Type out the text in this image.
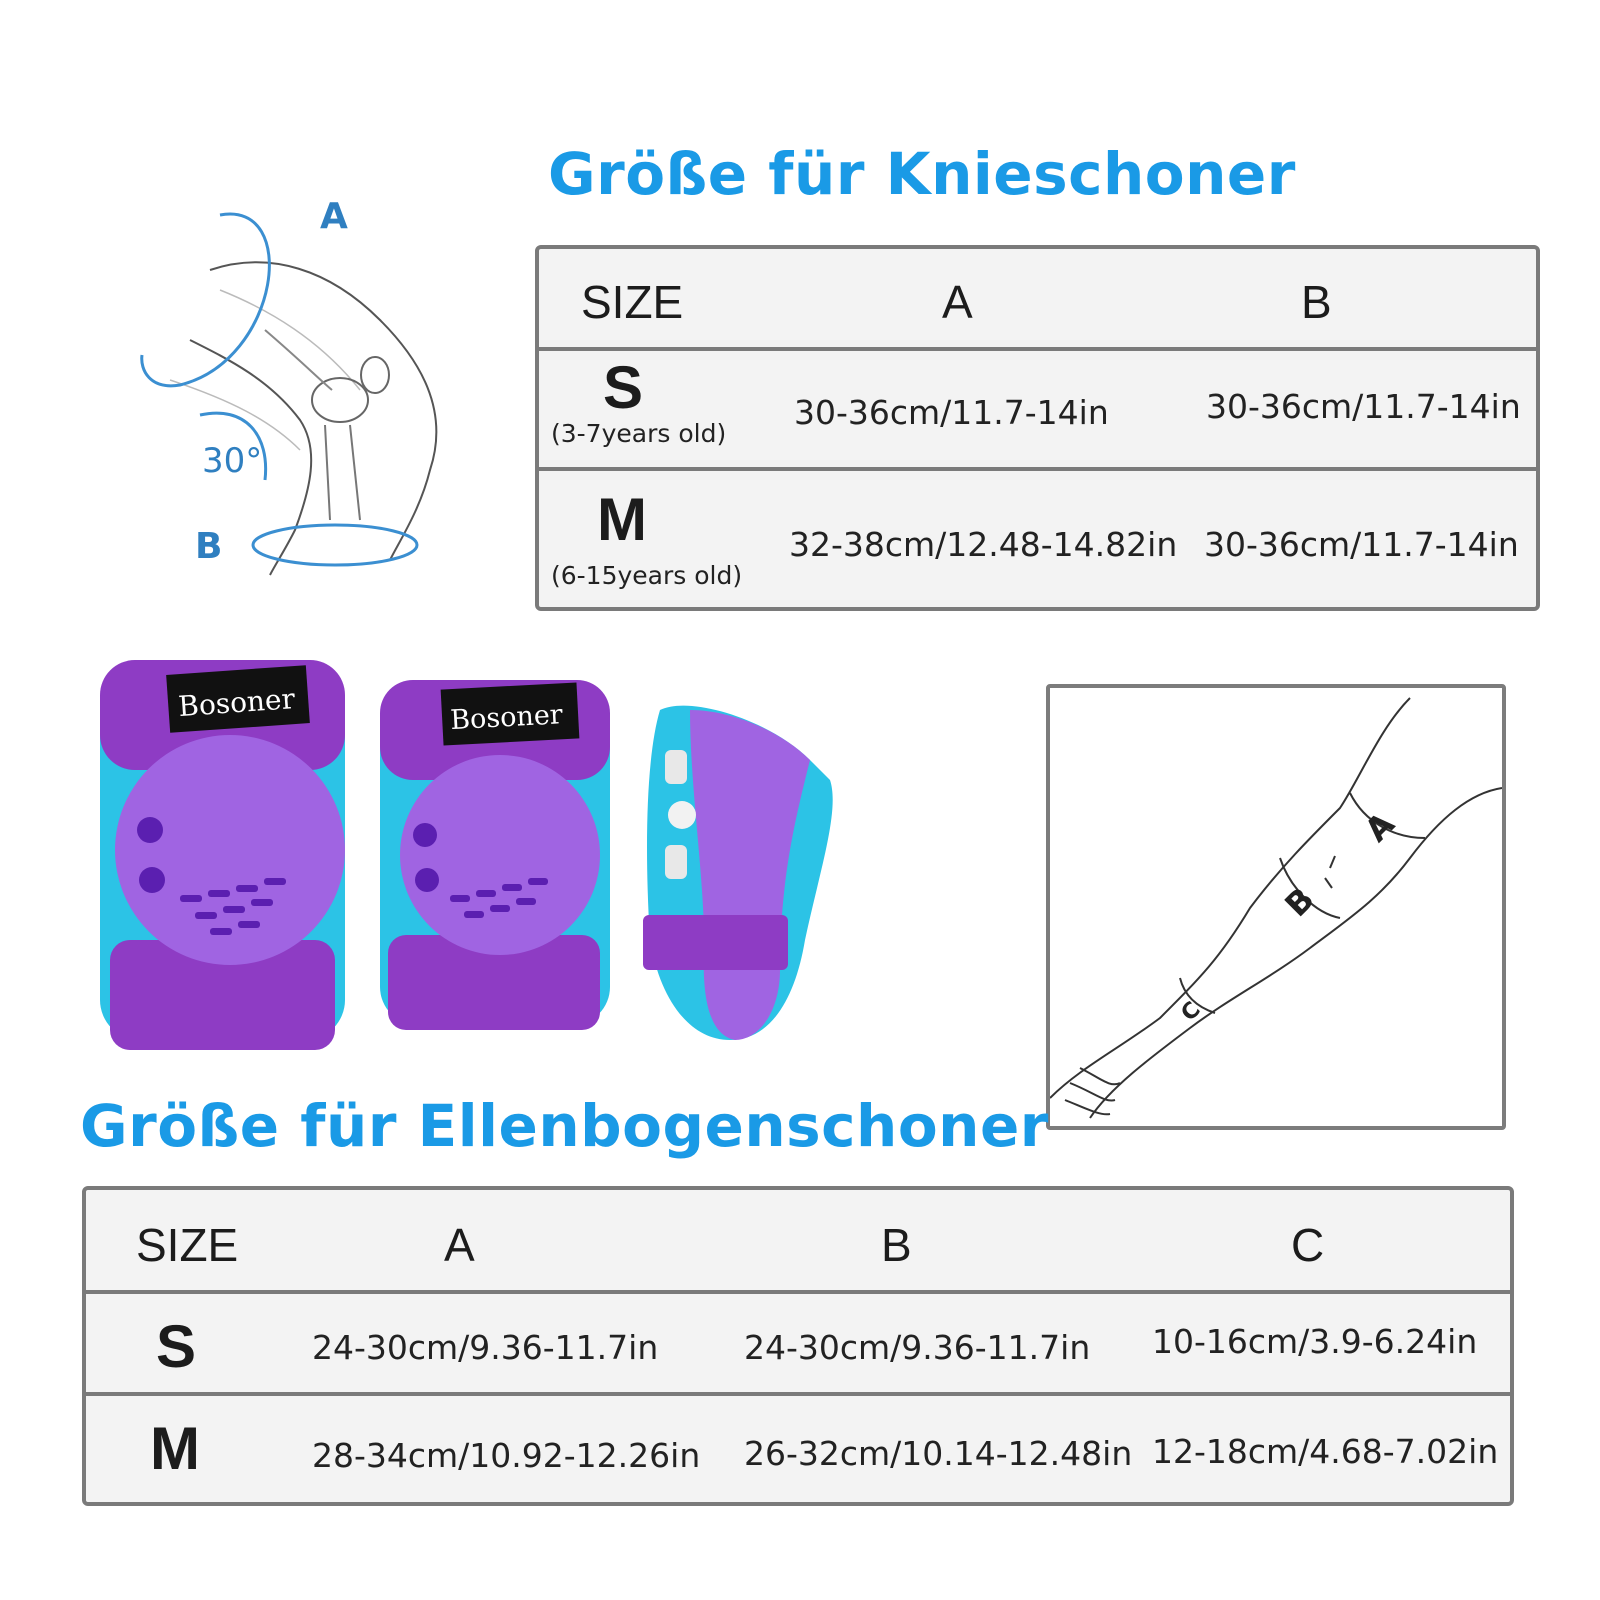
A
30°
B
Größe für Knieschoner
SIZE	A	B
S
(3-7years old)
30-36cm/11.7-14in	30-36cm/11.7-14in
M
(6-15years old)
32-38cm/12.48-14.82in 30-36cm/11.7-14in
Bosoner	Bosoner
A
B
C
Größe für Ellenbogenschoner
SIZE	A	B	C
S	24-30cm/9.36-11.7in	24-30cm/9.36-11.7in 10-16cm/3.9-6.24in
M	28-34cm/10.92-12.26in 26-32cm/10.14-12.48in 12-18cm/4.68-7.02in
